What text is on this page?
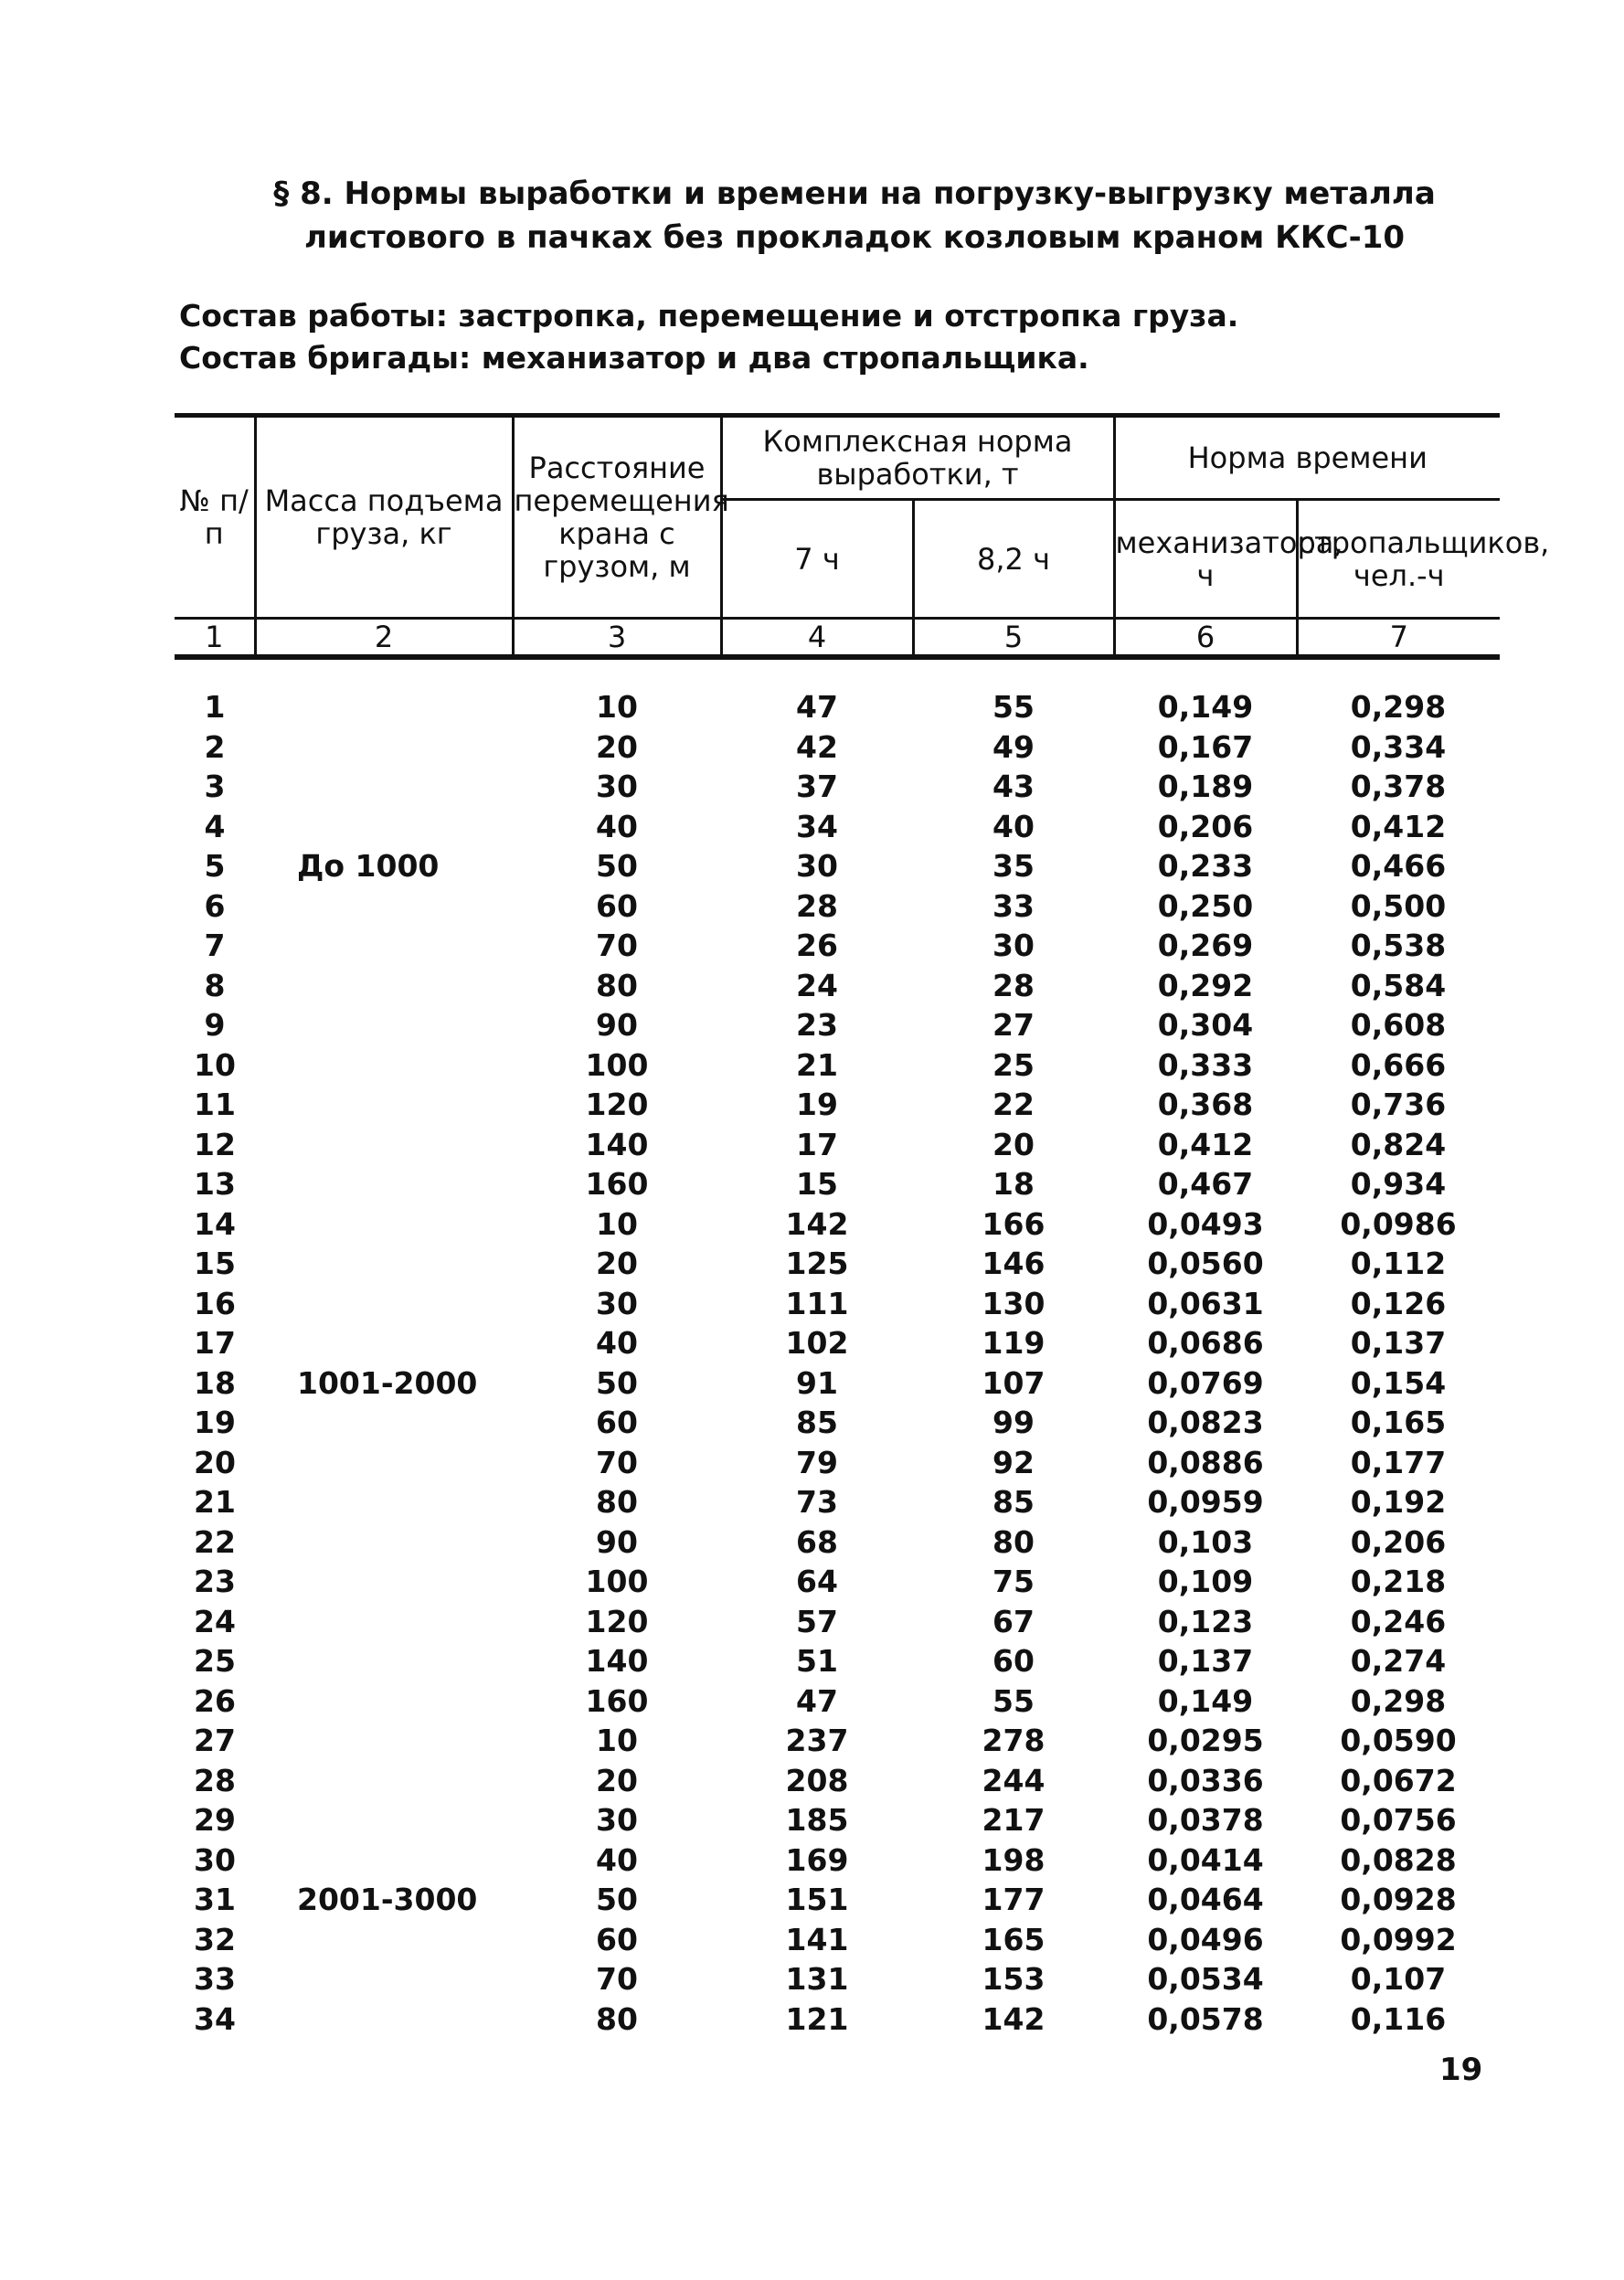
§ 8. Нормы выработки и времени на погрузку-выгрузку металла
листового в пачках без прокладок козловым краном ККС-10
Состав работы: застропка, перемещение и отстропка груза.
Состав бригады: механизатор и два стропальщика.
№ п/п	Масса подъема груза, кг	Расстояние перемещения крана с грузом, м	Комплексная норма выработки, т		Норма времени	
			7 ч	8,2 ч	механизатора, ч	стропальщиков, чел.-ч
1	2	3	4	5	6	7
1		10	47	55	0,149	0,298
2		20	42	49	0,167	0,334
3		30	37	43	0,189	0,378
4		40	34	40	0,206	0,412
5	До 1000	50	30	35	0,233	0,466
6		60	28	33	0,250	0,500
7		70	26	30	0,269	0,538
8		80	24	28	0,292	0,584
9		90	23	27	0,304	0,608
10		100	21	25	0,333	0,666
11		120	19	22	0,368	0,736
12		140	17	20	0,412	0,824
13		160	15	18	0,467	0,934
14		10	142	166	0,0493	0,0986
15		20	125	146	0,0560	0,112
16		30	111	130	0,0631	0,126
17		40	102	119	0,0686	0,137
18	1001-2000	50	91	107	0,0769	0,154
19		60	85	99	0,0823	0,165
20		70	79	92	0,0886	0,177
21		80	73	85	0,0959	0,192
22		90	68	80	0,103	0,206
23		100	64	75	0,109	0,218
24		120	57	67	0,123	0,246
25		140	51	60	0,137	0,274
26		160	47	55	0,149	0,298
27		10	237	278	0,0295	0,0590
28		20	208	244	0,0336	0,0672
29		30	185	217	0,0378	0,0756
30		40	169	198	0,0414	0,0828
31	2001-3000	50	151	177	0,0464	0,0928
32		60	141	165	0,0496	0,0992
33		70	131	153	0,0534	0,107
34		80	121	142	0,0578	0,116
19
